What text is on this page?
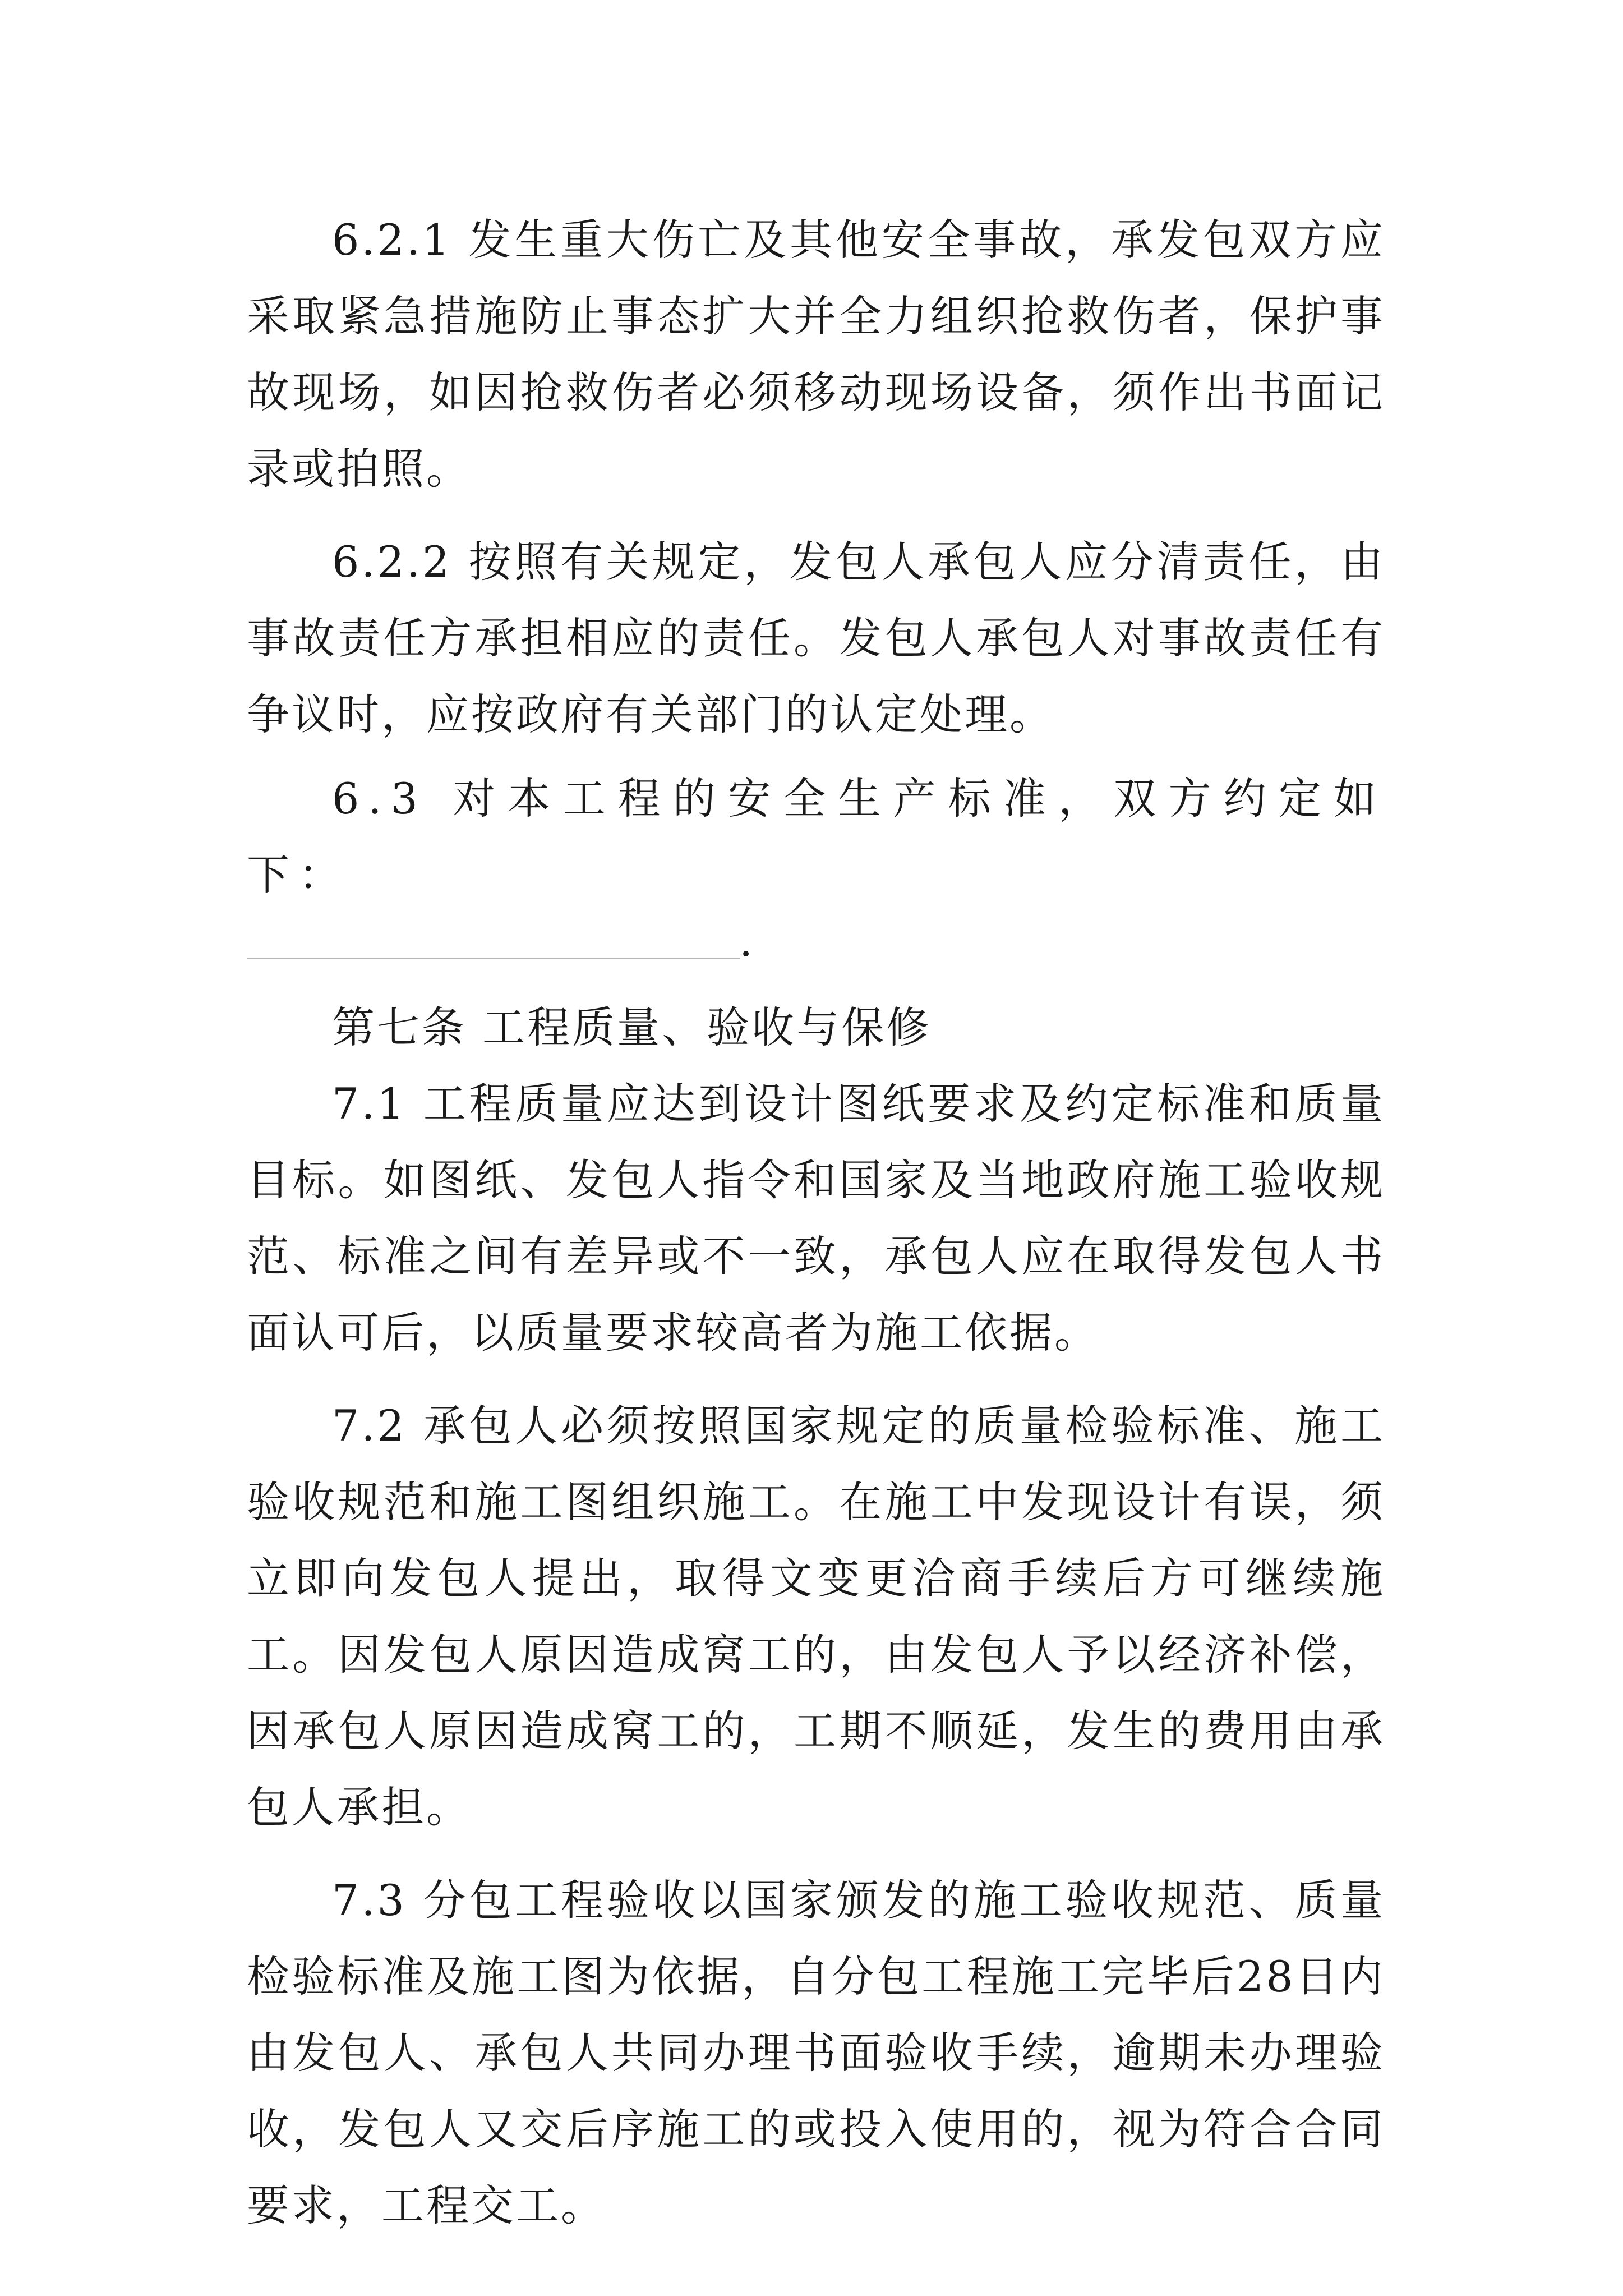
6.2.1 发生重大伤亡及其他安全事故，承发包双方应采取紧急措施防止事态扩大并全力组织抢救伤者，保护事故现场，如因抢救伤者必须移动现场设备，须作出书面记录或拍照。

6.2.2 按照有关规定，发包人承包人应分清责任，由事故责任方承担相应的责任。发包人承包人对事故责任有争议时，应按政府有关部门的认定处理。

6.3 对本工程的安全生产标准，双方约定如下：

.

第七条 工程质量、验收与保修

7.1 工程质量应达到设计图纸要求及约定标准和质量目标。如图纸、发包人指令和国家及当地政府施工验收规范、标准之间有差异或不一致，承包人应在取得发包人书面认可后，以质量要求较高者为施工依据。

7.2 承包人必须按照国家规定的质量检验标准、施工验收规范和施工图组织施工。在施工中发现设计有误，须立即向发包人提出，取得文变更洽商手续后方可继续施工。因发包人原因造成窝工的，由发包人予以经济补偿，因承包人原因造成窝工的，工期不顺延，发生的费用由承包人承担。

7.3 分包工程验收以国家颁发的施工验收规范、质量检验标准及施工图为依据，自分包工程施工完毕后28日内由发包人、承包人共同办理书面验收手续，逾期未办理验收，发包人又交后序施工的或投入使用的，视为符合合同要求，工程交工。
